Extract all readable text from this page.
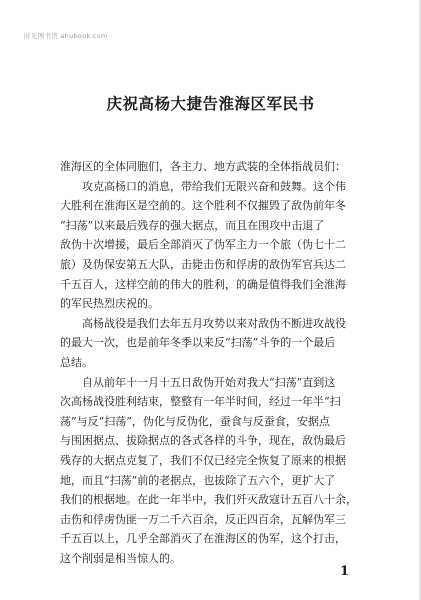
时光图书馆 ahubook.com
庆祝高杨大捷告淮海区军民书

淮海区的全体同胞们，各主力、地方武装的全体指战员们：

攻克高杨口的消息，带给我们无限兴奋和鼓舞。这个伟

大胜利在淮海区是空前的。这个胜利不仅摧毁了敌伪前年冬

“扫荡”以来最后残存的强大据点，而且在围攻中击退了

敌伪十次增援，最后全部消灭了伪军主力一个旅（伪七十二

旅）及伪保安第五大队，击毙击伤和俘虏的敌伪军官兵达二

千五百人，这样空前的伟大的胜利，的确是值得我们全淮海

的军民热烈庆祝的。

高杨战役是我们去年五月攻势以来对敌伪不断进攻战役

的最大一次，也是前年冬季以来反“扫荡”斗争的一个最后

总结。

自从前年十一月十五日敌伪开始对我大“扫荡”直到这

次高杨战役胜利结束，整整有一年半时间，经过一年半“扫

荡”与反“扫荡”，伪化与反伪化，蚕食与反蚕食，安据点

与围困据点、拔除据点的各式各样的斗争，现在，敌伪最后

残存的大据点克复了，我们不仅已经完全恢复了原来的根据

地，而且“扫荡”前的老据点，也拔除了五六个，更扩大了

我们的根据地。在此一年半中，我们歼灭敌寇计五百八十余，

击伤和俘虏伪匪一万二千六百余，反正四百余，瓦解伪军三

千五百以上，几乎全部消灭了在淮海区的伪军，这个打击，

这个削弱是相当惊人的。

1
